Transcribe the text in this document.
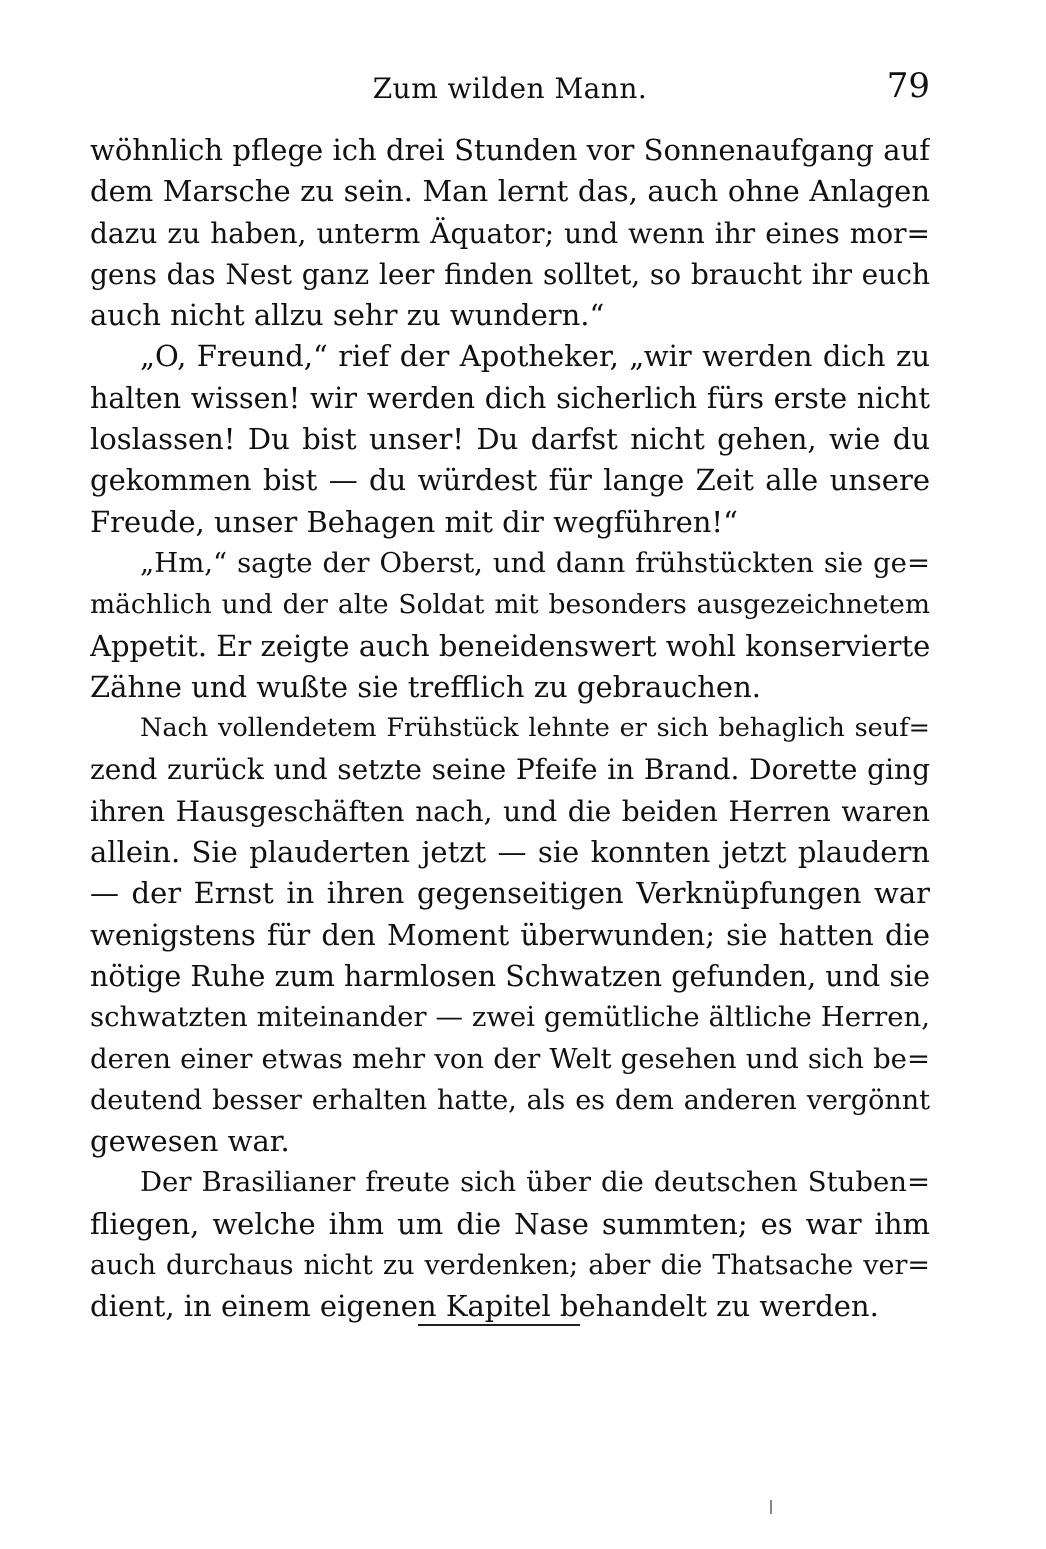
Zum wilden Mann.	79
wöhnlich pflege ich drei Stunden vor Sonnenaufgang auf
dem Marsche zu sein. Man lernt das, auch ohne Anlagen
dazu zu haben, unterm Äquator; und wenn ihr eines mor=
gens das Nest ganz leer finden solltet, so braucht ihr euch
auch nicht allzu sehr zu wundern.“
„O, Freund,“ rief der Apotheker, „wir werden dich zu
halten wissen! wir werden dich sicherlich fürs erste nicht
loslassen! Du bist unser! Du darfst nicht gehen, wie du
gekommen bist — du würdest für lange Zeit alle unsere
Freude, unser Behagen mit dir wegführen!“
„Hm,“ sagte der Oberst, und dann frühstückten sie ge=
mächlich und der alte Soldat mit besonders ausgezeichnetem
Appetit. Er zeigte auch beneidenswert wohl konservierte
Zähne und wußte sie trefflich zu gebrauchen.
Nach vollendetem Frühstück lehnte er sich behaglich seuf=
zend zurück und setzte seine Pfeife in Brand. Dorette ging
ihren Hausgeschäften nach, und die beiden Herren waren
allein. Sie plauderten jetzt — sie konnten jetzt plaudern
— der Ernst in ihren gegenseitigen Verknüpfungen war
wenigstens für den Moment überwunden; sie hatten die
nötige Ruhe zum harmlosen Schwatzen gefunden, und sie
schwatzten miteinander — zwei gemütliche ältliche Herren,
deren einer etwas mehr von der Welt gesehen und sich be=
deutend besser erhalten hatte, als es dem anderen vergönnt
gewesen war.
Der Brasilianer freute sich über die deutschen Stuben=
fliegen, welche ihm um die Nase summten; es war ihm
auch durchaus nicht zu verdenken; aber die Thatsache ver=
dient, in einem eigenen Kapitel behandelt zu werden.
